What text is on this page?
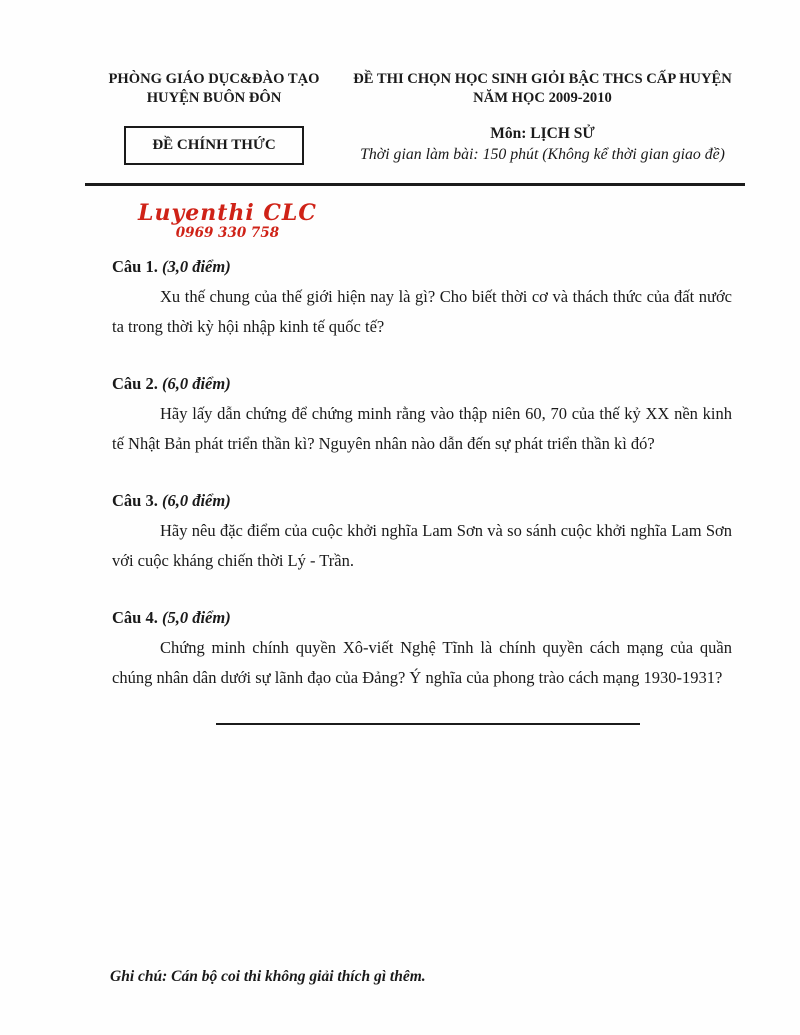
PHÒNG GIÁO DỤC&ĐÀO TẠO
HUYỆN BUÔN ĐÔN
ĐỀ CHÍNH THỨC
ĐỀ THI CHỌN HỌC SINH GIỎI BẬC THCS CẤP HUYỆN
NĂM HỌC 2009-2010
Môn: LỊCH SỬ
Thời gian làm bài: 150 phút (Không kể thời gian giao đề)
Luyenthi CLC
0969 330 758
Câu 1. (3,0 điểm)
Xu thế chung của thế giới hiện nay là gì? Cho biết thời cơ và thách thức của đất nước ta trong thời kỳ hội nhập kinh tế quốc tế?
Câu 2. (6,0 điểm)
Hãy lấy dẫn chứng để chứng minh rằng vào thập niên 60, 70 của thế kỷ XX nền kinh tế Nhật Bản phát triển thần kì? Nguyên nhân nào dẫn đến sự phát triển thần kì đó?
Câu 3. (6,0 điểm)
Hãy nêu đặc điểm của cuộc khởi nghĩa Lam Sơn và so sánh cuộc khởi nghĩa Lam Sơn với cuộc kháng chiến thời Lý - Trần.
Câu 4. (5,0 điểm)
Chứng minh chính quyền Xô-viết Nghệ Tĩnh là chính quyền cách mạng của quần chúng nhân dân dưới sự lãnh đạo của Đảng? Ý nghĩa của phong trào cách mạng 1930-1931?
Ghi chú: Cán bộ coi thi không giải thích gì thêm.
